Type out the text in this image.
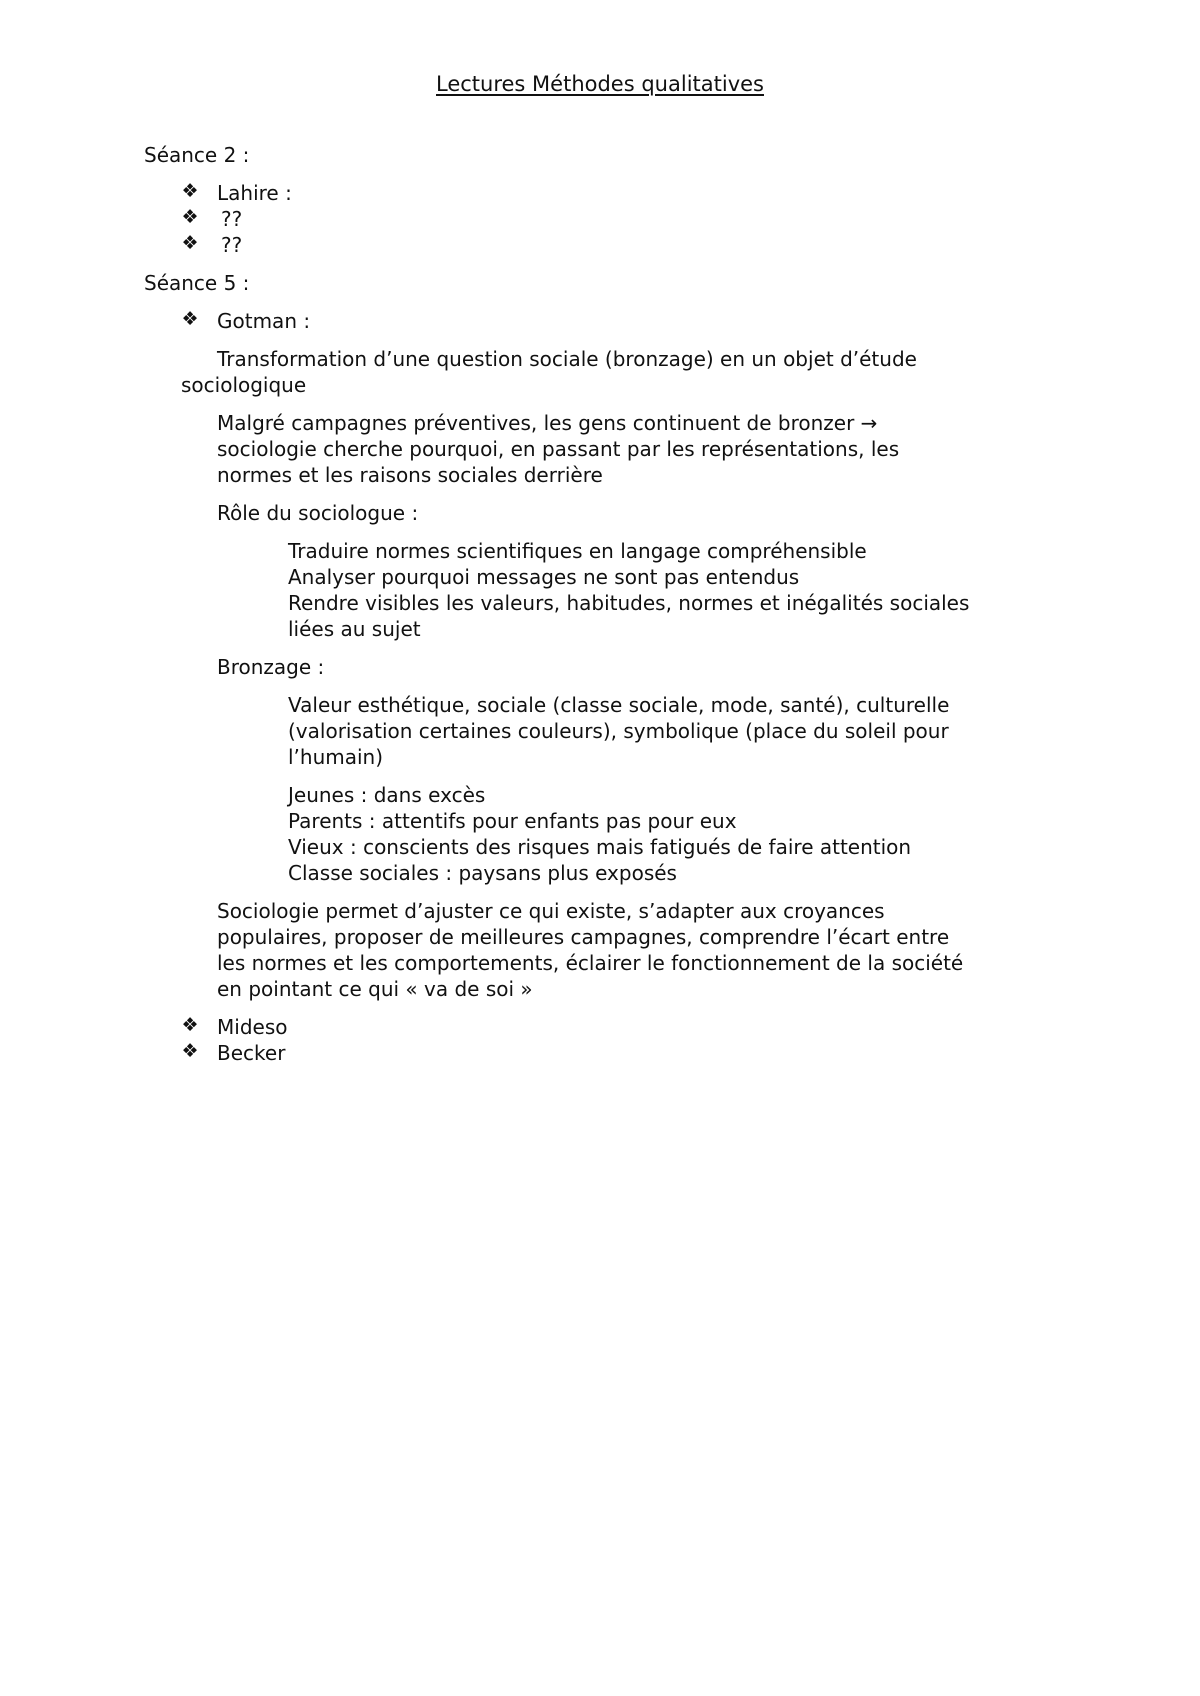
Lectures Méthodes qualitatives
Séance 2 :
❖ Lahire :
❖ ??
❖ ??
Séance 5 :
❖ Gotman :
Transformation d’une question sociale (bronzage) en un objet d’étude
sociologique
Malgré campagnes préventives, les gens continuent de bronzer →
sociologie cherche pourquoi, en passant par les représentations, les
normes et les raisons sociales derrière
Rôle du sociologue :
Traduire normes scientifiques en langage compréhensible
Analyser pourquoi messages ne sont pas entendus
Rendre visibles les valeurs, habitudes, normes et inégalités sociales
liées au sujet
Bronzage :
Valeur esthétique, sociale (classe sociale, mode, santé), culturelle
(valorisation certaines couleurs), symbolique (place du soleil pour
l’humain)
Jeunes : dans excès
Parents : attentifs pour enfants pas pour eux
Vieux : conscients des risques mais fatigués de faire attention
Classe sociales : paysans plus exposés
Sociologie permet d’ajuster ce qui existe, s’adapter aux croyances
populaires, proposer de meilleures campagnes, comprendre l’écart entre
les normes et les comportements, éclairer le fonctionnement de la société
en pointant ce qui « va de soi »
❖ Mideso
❖ Becker
